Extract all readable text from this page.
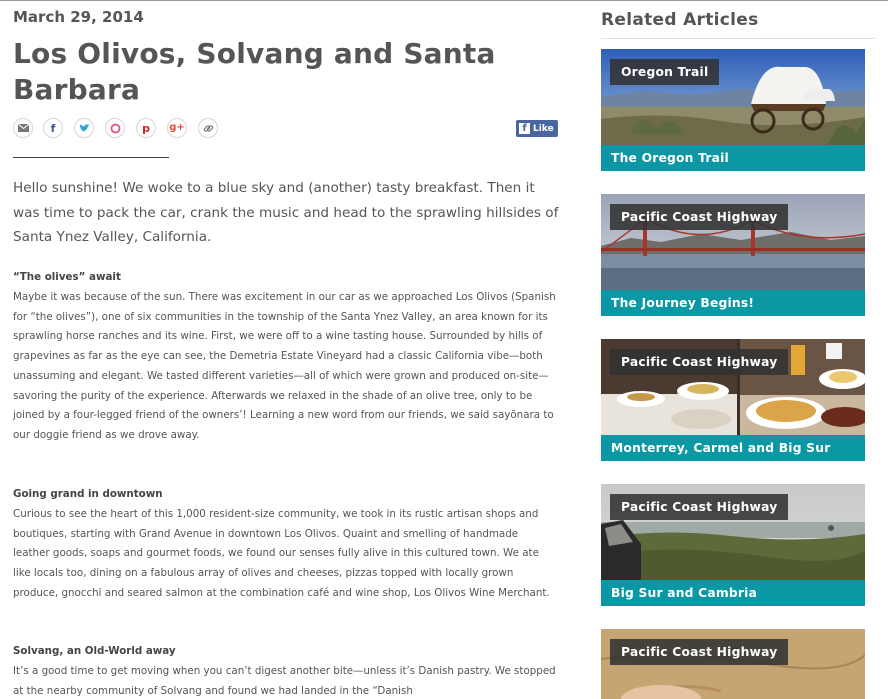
March 29, 2014
Los Olivos, Solvang and Santa Barbara
f	p g+	f Like

Hello sunshine! We woke to a blue sky and (another) tasty breakfast. Then it was time to pack the car, crank the music and head to the sprawling hillsides of Santa Ynez Valley, California.

“The olives” await

Maybe it was because of the sun. There was excitement in our car as we approached Los Olivos (Spanish for “the olives”), one of six communities in the township of the Santa Ynez Valley, an area known for its sprawling horse ranches and its wine. First, we were off to a wine tasting house. Surrounded by hills of grapevines as far as the eye can see, the Demetria Estate Vineyard had a classic California vibe—both unassuming and elegant. We tasted different varieties—all of which were grown and produced on-site—savoring the purity of the experience. Afterwards we relaxed in the shade of an olive tree, only to be joined by a four-legged friend of the owners’! Learning a new word from our friends, we said sayōnara to our doggie friend as we drove away.

Going grand in downtown

Curious to see the heart of this 1,000 resident-size community, we took in its rustic artisan shops and boutiques, starting with Grand Avenue in downtown Los Olivos. Quaint and smelling of handmade leather goods, soaps and gourmet foods, we found our senses fully alive in this cultured town. We ate like locals too, dining on a fabulous array of olives and cheeses, pizzas topped with locally grown produce, gnocchi and seared salmon at the combination café and wine shop, Los Olivos Wine Merchant.

Solvang, an Old-World away

It’s a good time to get moving when you can’t digest another bite—unless it’s Danish pastry. We stopped at the nearby community of Solvang and found we had landed in the “Danish

Related Articles
Oregon Trail
The Oregon Trail
Pacific Coast Highway
The Journey Begins!
Pacific Coast Highway
Monterrey, Carmel and Big Sur
Pacific Coast Highway
Big Sur and Cambria
Pacific Coast Highway
